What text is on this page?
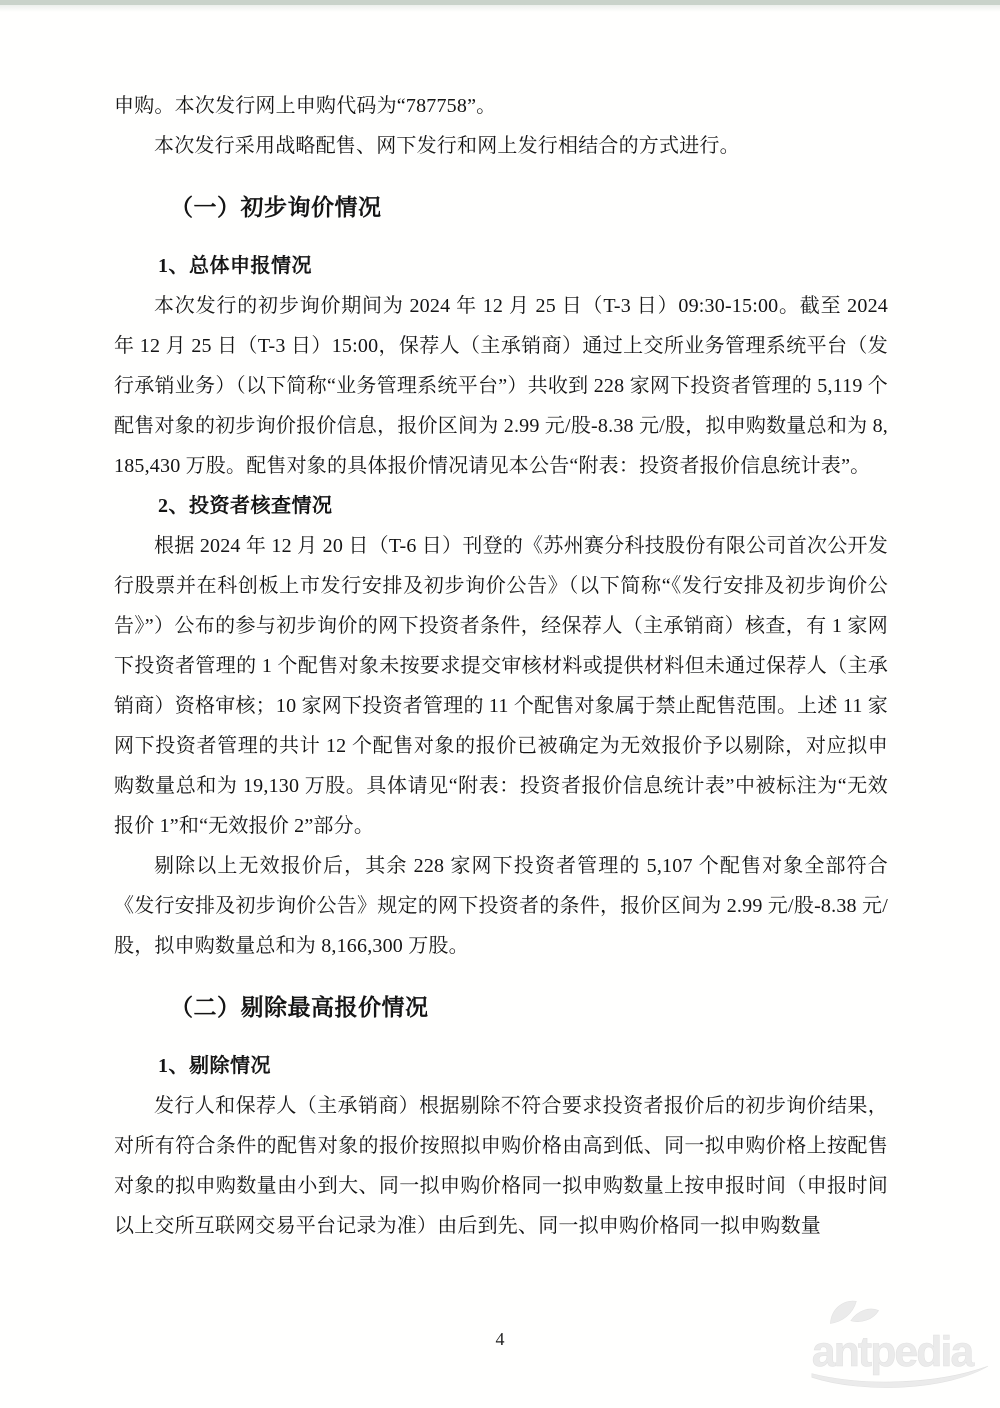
申购。本次发行网上申购代码为“787758”。

本次发行采用战略配售、网下发行和网上发行相结合的方式进行。

（一）初步询价情况
1、总体申报情况

本次发行的初步询价期间为 2024 年 12 月 25 日（T-3 日）09:30-15:00。截至 2024 年 12 月 25 日（T-3 日）15:00，保荐人（主承销商）通过上交所业务管理系统平台（发行承销业务）（以下简称“业务管理系统平台”）共收到 228 家网下投资者管理的 5,119 个配售对象的初步询价报价信息，报价区间为 2.99 元/股-8.38 元/股，拟申购数量总和为 8,185,430 万股。配售对象的具体报价情况请见本公告“附表：投资者报价信息统计表”。

2、投资者核查情况

根据 2024 年 12 月 20 日（T-6 日）刊登的《苏州赛分科技股份有限公司首次公开发行股票并在科创板上市发行安排及初步询价公告》（以下简称“《发行安排及初步询价公告》”）公布的参与初步询价的网下投资者条件，经保荐人（主承销商）核查，有 1 家网下投资者管理的 1 个配售对象未按要求提交审核材料或提供材料但未通过保荐人（主承销商）资格审核；10 家网下投资者管理的 11 个配售对象属于禁止配售范围。上述 11 家网下投资者管理的共计 12 个配售对象的报价已被确定为无效报价予以剔除，对应拟申购数量总和为 19,130 万股。具体请见“附表：投资者报价信息统计表”中被标注为“无效报价 1”和“无效报价 2”部分。

剔除以上无效报价后，其余 228 家网下投资者管理的 5,107 个配售对象全部符合《发行安排及初步询价公告》规定的网下投资者的条件，报价区间为 2.99 元/股-8.38 元/股，拟申购数量总和为 8,166,300 万股。

（二）剔除最高报价情况
1、剔除情况

发行人和保荐人（主承销商）根据剔除不符合要求投资者报价后的初步询价结果，对所有符合条件的配售对象的报价按照拟申购价格由高到低、同一拟申购价格上按配售对象的拟申购数量由小到大、同一拟申购价格同一拟申购数量上按申报时间（申报时间以上交所互联网交易平台记录为准）由后到先、同一拟申购价格同一拟申购数量

4	antpedia
